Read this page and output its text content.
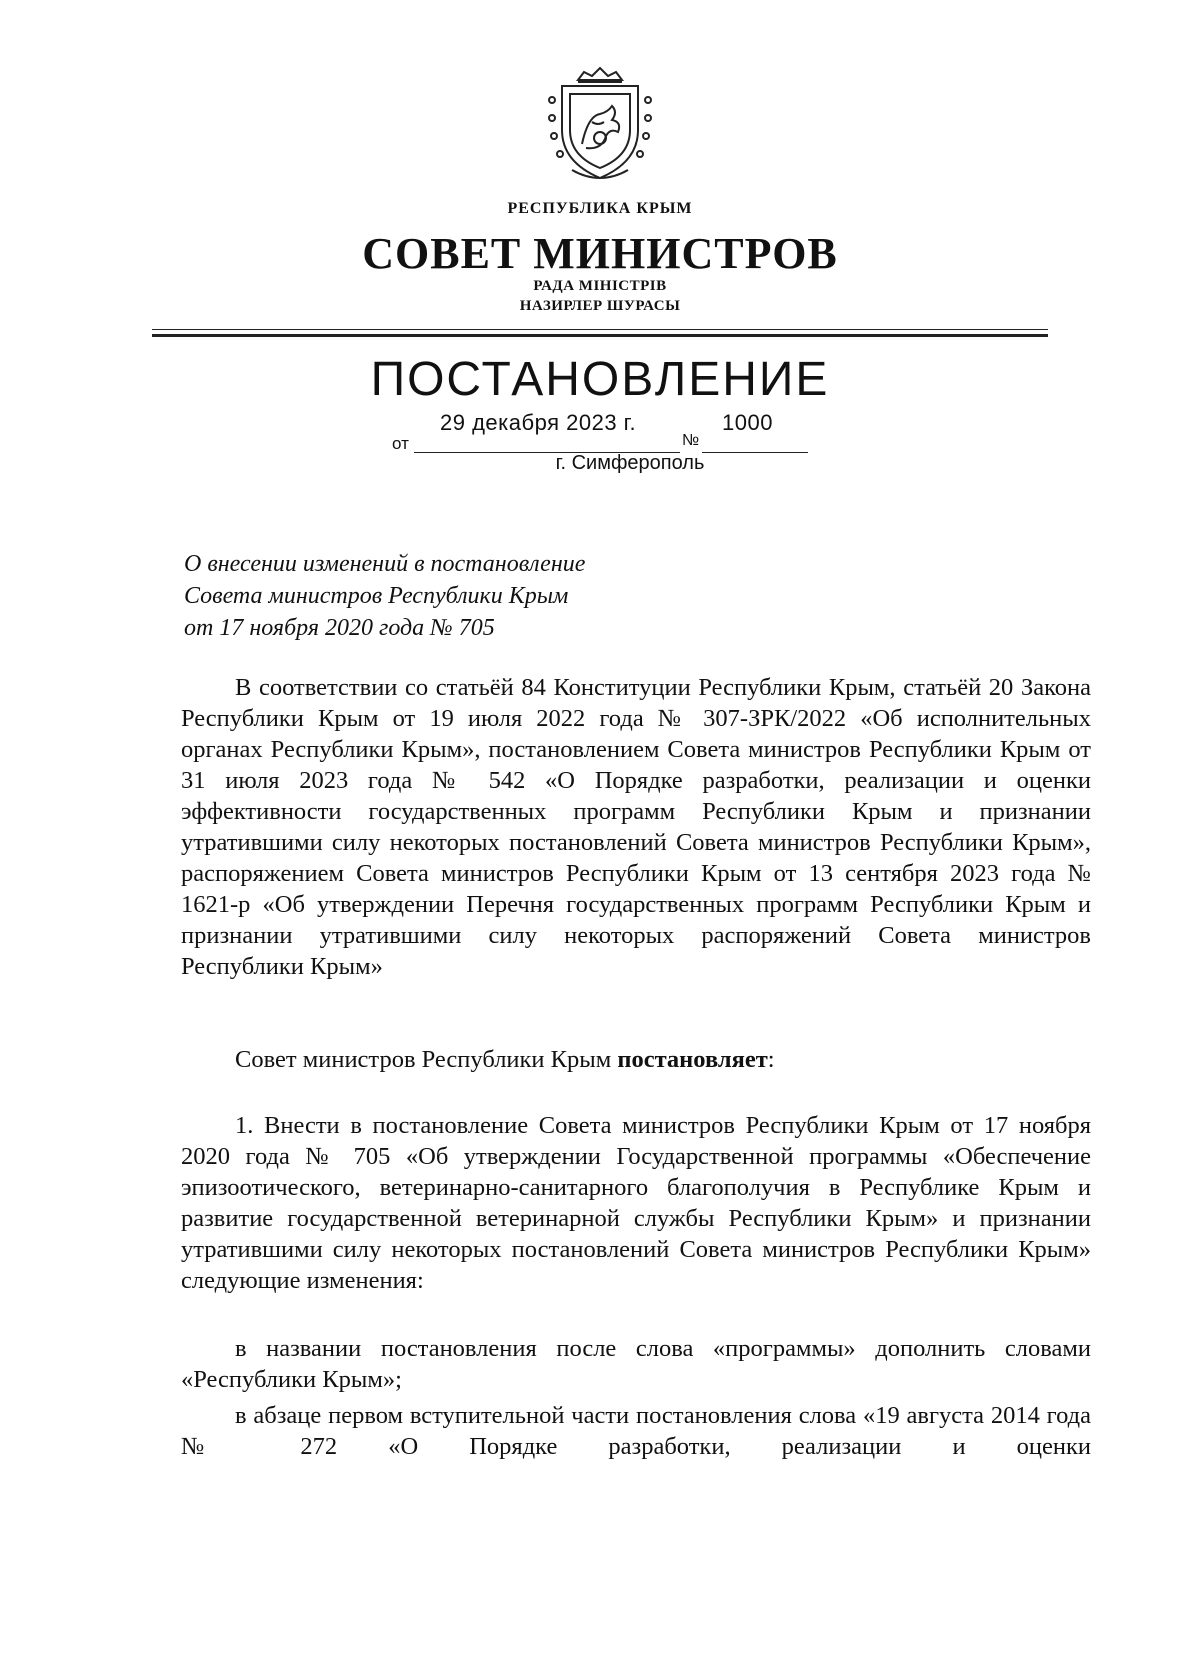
РЕСПУБЛИКА КРЫМ
СОВЕТ МИНИСТРОВ
РАДА МІНІСТРІВ
НАЗИРЛЕР ШУРАСЫ
ПОСТАНОВЛЕНИЕ
от
29 декабря 2023 г.
№
1000
г. Симферополь
О внесении изменений в постановление
Совета министров Республики Крым
от 17 ноября 2020 года № 705

В соответствии со статьёй 84 Конституции Республики Крым, статьёй 20 Закона Республики Крым от 19 июля 2022 года № 307-ЗРК/2022 «Об исполнительных органах Республики Крым», постановлением Совета министров Республики Крым от 31 июля 2023 года № 542 «О Порядке разработки, реализации и оценки эффективности государственных программ Республики Крым и признании утратившими силу некоторых постановлений Совета министров Республики Крым», распоряжением Совета министров Республики Крым от 13 сентября 2023 года № 1621-р «Об утверждении Перечня государственных программ Республики Крым и признании утратившими силу некоторых распоряжений Совета министров Республики Крым»

Совет министров Республики Крым постановляет:

1. Внести в постановление Совета министров Республики Крым от 17 ноября 2020 года № 705 «Об утверждении Государственной программы «Обеспечение эпизоотического, ветеринарно-санитарного благополучия в Республике Крым и развитие государственной ветеринарной службы Республики Крым» и признании утратившими силу некоторых постановлений Совета министров Республики Крым» следующие изменения:

в названии постановления после слова «программы» дополнить словами «Республики Крым»;

в абзаце первом вступительной части постановления слова «19 августа 2014 года № 272 «О Порядке разработки, реализации и оценки
